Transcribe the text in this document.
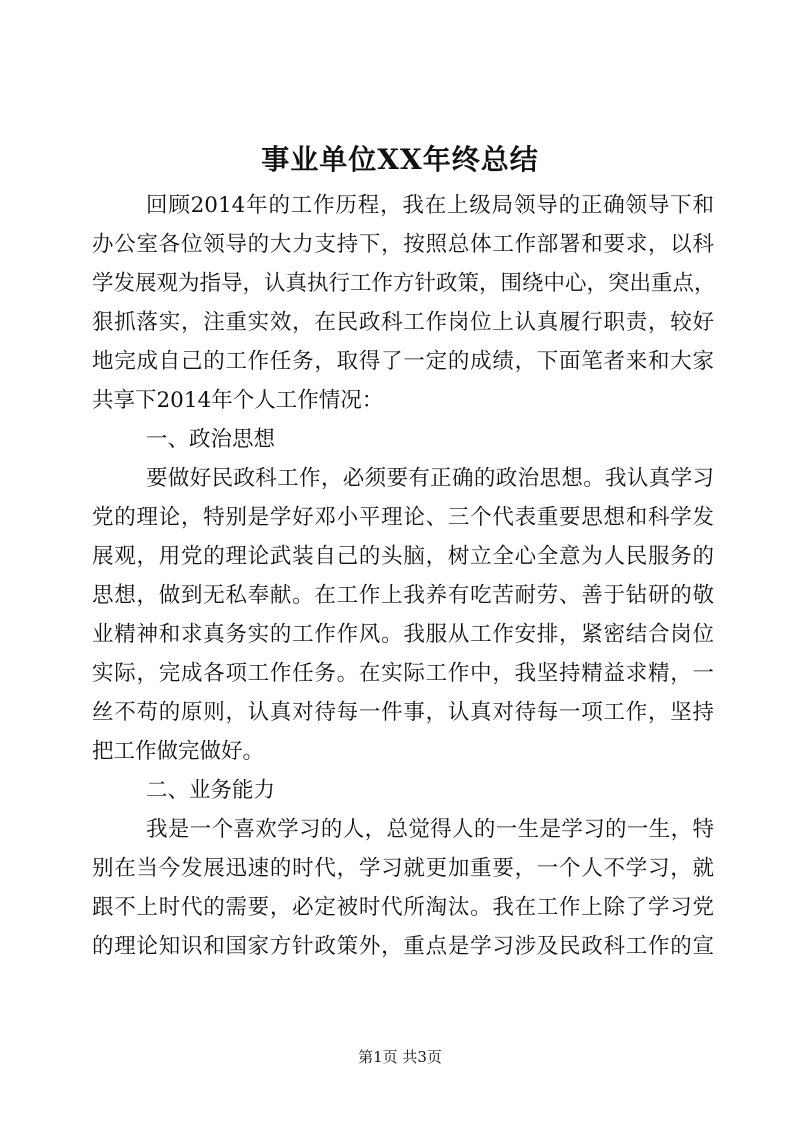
事业单位XX年终总结
回顾2014年的工作历程，我在上级局领导的正确领导下和
办公室各位领导的大力支持下，按照总体工作部署和要求，以科
学发展观为指导，认真执行工作方针政策，围绕中心，突出重点，
狠抓落实，注重实效，在民政科工作岗位上认真履行职责，较好
地完成自己的工作任务，取得了一定的成绩，下面笔者来和大家
共享下2014年个人工作情况：
一、政治思想
要做好民政科工作，必须要有正确的政治思想。我认真学习
党的理论，特别是学好邓小平理论、三个代表重要思想和科学发
展观，用党的理论武装自己的头脑，树立全心全意为人民服务的
思想，做到无私奉献。在工作上我养有吃苦耐劳、善于钻研的敬
业精神和求真务实的工作作风。我服从工作安排，紧密结合岗位
实际，完成各项工作任务。在实际工作中，我坚持精益求精，一
丝不苟的原则，认真对待每一件事，认真对待每一项工作，坚持
把工作做完做好。
二、业务能力
我是一个喜欢学习的人，总觉得人的一生是学习的一生，特
别在当今发展迅速的时代，学习就更加重要，一个人不学习，就
跟不上时代的需要，必定被时代所淘汰。我在工作上除了学习党
的理论知识和国家方针政策外，重点是学习涉及民政科工作的宣
第1页 共3页
